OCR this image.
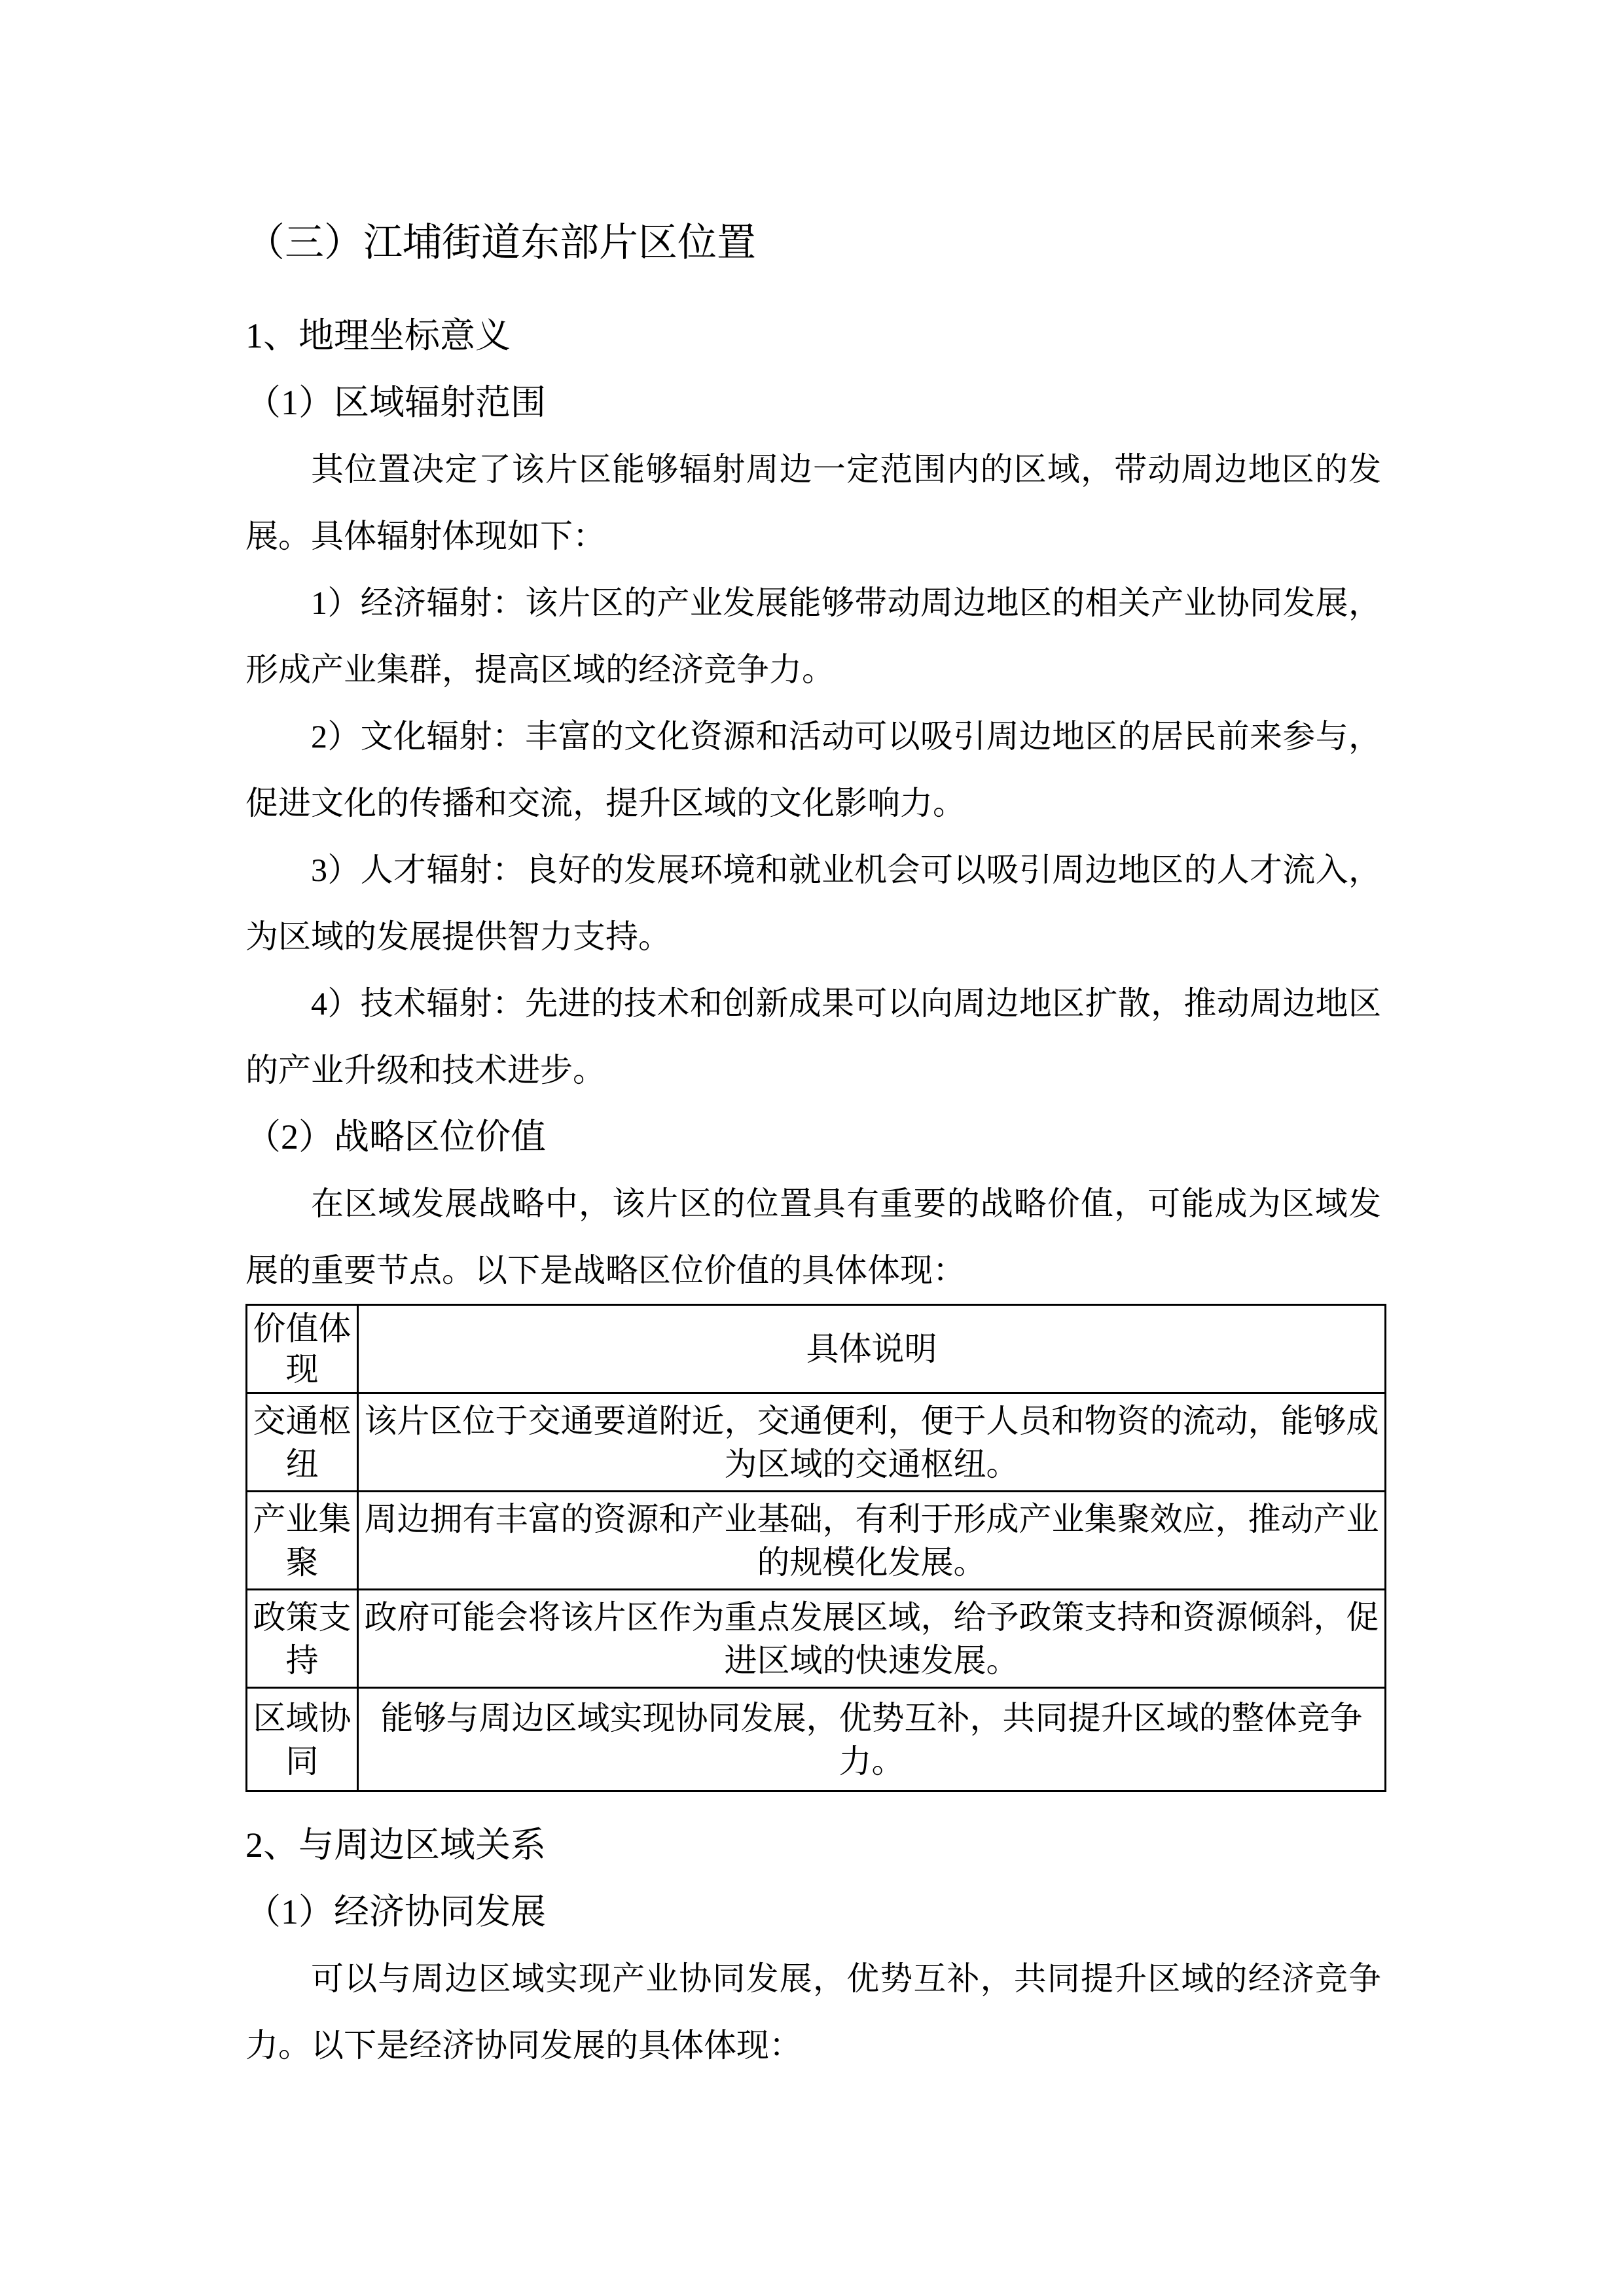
（三）江埔街道东部片区位置
1、地理坐标意义
（1）区域辐射范围

其位置决定了该片区能够辐射周边一定范围内的区域，带动周边地区的发展。具体辐射体现如下：

1）经济辐射：该片区的产业发展能够带动周边地区的相关产业协同发展，形成产业集群，提高区域的经济竞争力。

2）文化辐射：丰富的文化资源和活动可以吸引周边地区的居民前来参与，促进文化的传播和交流，提升区域的文化影响力。

3）人才辐射：良好的发展环境和就业机会可以吸引周边地区的人才流入，为区域的发展提供智力支持。

4）技术辐射：先进的技术和创新成果可以向周边地区扩散，推动周边地区的产业升级和技术进步。

（2）战略区位价值

在区域发展战略中，该片区的位置具有重要的战略价值，可能成为区域发展的重要节点。以下是战略区位价值的具体体现：

价值体现	具体说明
交通枢纽	该片区位于交通要道附近，交通便利，便于人员和物资的流动，能够成为区域的交通枢纽。
产业集聚	周边拥有丰富的资源和产业基础，有利于形成产业集聚效应，推动产业的规模化发展。
政策支持	政府可能会将该片区作为重点发展区域，给予政策支持和资源倾斜，促进区域的快速发展。
区域协同	能够与周边区域实现协同发展，优势互补，共同提升区域的整体竞争力。
2、与周边区域关系
（1）经济协同发展

可以与周边区域实现产业协同发展，优势互补，共同提升区域的经济竞争力。以下是经济协同发展的具体体现：
